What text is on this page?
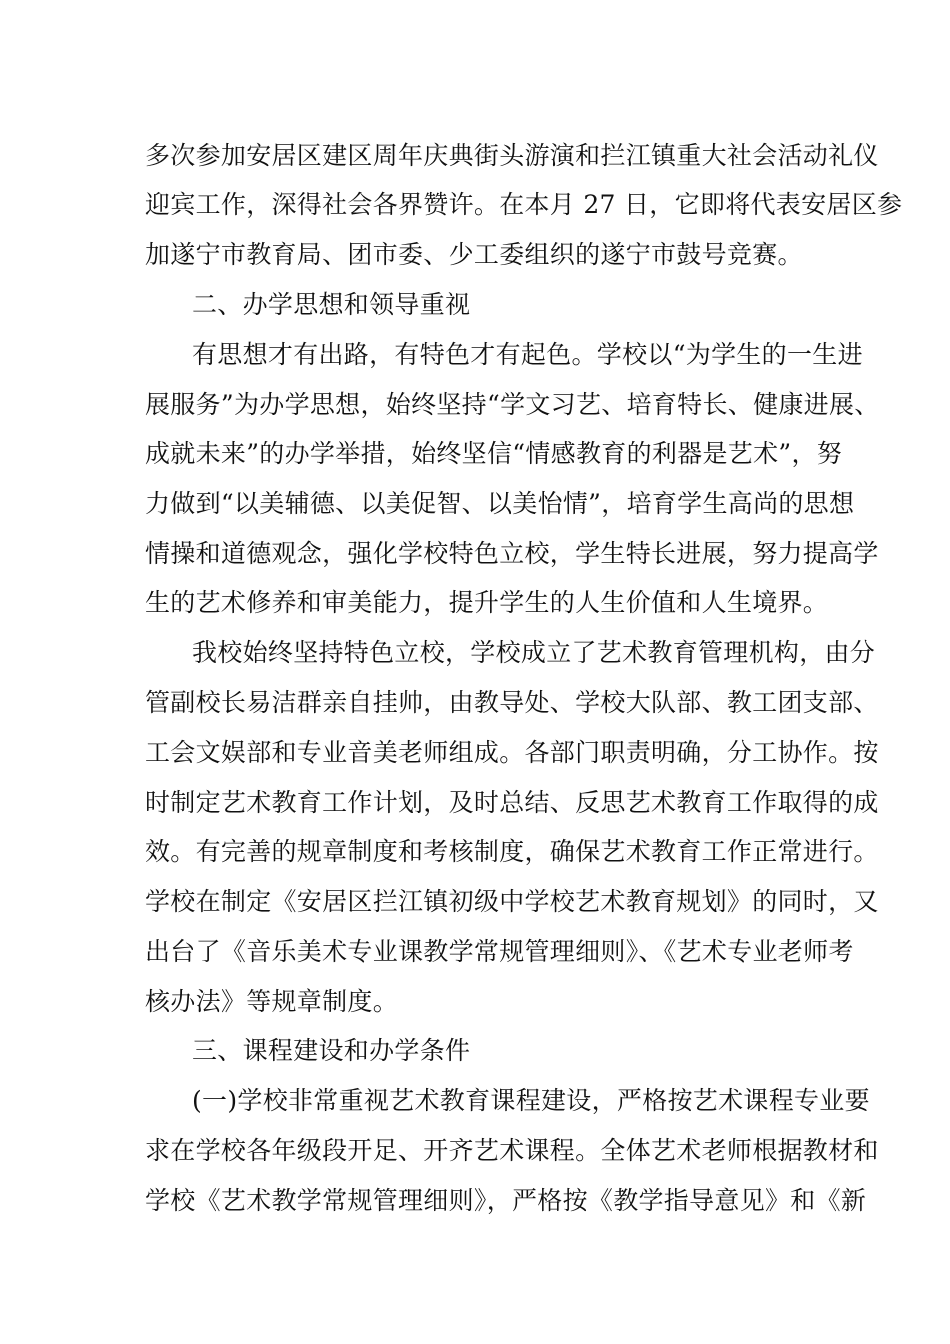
多次参加安居区建区周年庆典街头游演和拦江镇重大社会活动礼仪
迎宾工作，深得社会各界赞许。在本月 27 日，它即将代表安居区参
加遂宁市教育局、团市委、少工委组织的遂宁市鼓号竞赛。
二、办学思想和领导重视
有思想才有出路，有特色才有起色。学校以“为学生的一生进
展服务”为办学思想，始终坚持“学文习艺、培育特长、健康进展、
成就未来”的办学举措，始终坚信“情感教育的利器是艺术”，努
力做到“以美辅德、以美促智、以美怡情”，培育学生高尚的思想
情操和道德观念，强化学校特色立校，学生特长进展，努力提高学
生的艺术修养和审美能力，提升学生的人生价值和人生境界。
我校始终坚持特色立校，学校成立了艺术教育管理机构，由分
管副校长易洁群亲自挂帅，由教导处、学校大队部、教工团支部、
工会文娱部和专业音美老师组成。各部门职责明确，分工协作。按
时制定艺术教育工作计划，及时总结、反思艺术教育工作取得的成
效。有完善的规章制度和考核制度，确保艺术教育工作正常进行。
学校在制定《安居区拦江镇初级中学校艺术教育规划》的同时，又
出台了《音乐美术专业课教学常规管理细则》、《艺术专业老师考
核办法》等规章制度。
三、课程建设和办学条件
(一)学校非常重视艺术教育课程建设，严格按艺术课程专业要
求在学校各年级段开足、开齐艺术课程。全体艺术老师根据教材和
学校《艺术教学常规管理细则》，严格按《教学指导意见》和《新
